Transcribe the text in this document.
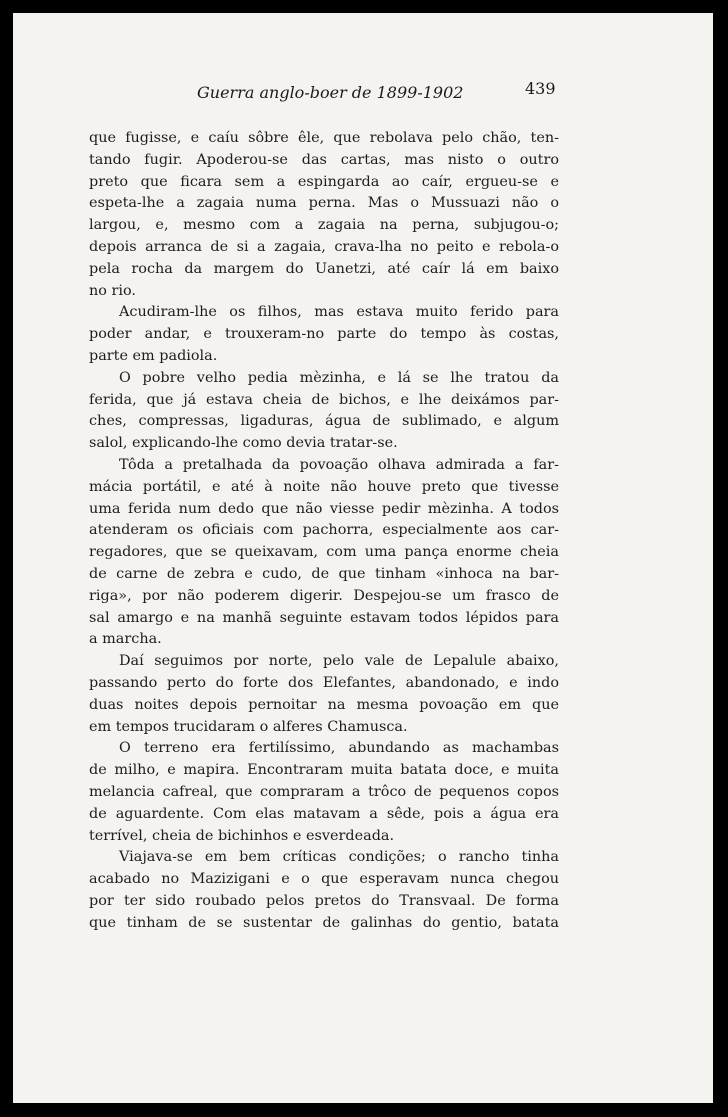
Guerra anglo-boer de 1899-1902	439
que fugisse, e caíu sôbre êle, que rebolava pelo chão, ten-
tando fugir. Apoderou-se das cartas, mas nisto o outro
preto que ficara sem a espingarda ao caír, ergueu-se e
espeta-lhe a zagaia numa perna. Mas o Mussuazi não o
largou, e, mesmo com a zagaia na perna, subjugou-o;
depois arranca de si a zagaia, crava-lha no peito e rebola-o
pela rocha da margem do Uanetzi, até caír lá em baixo
no rio.
Acudiram-lhe os filhos, mas estava muito ferido para
poder andar, e trouxeram-no parte do tempo às costas,
parte em padiola.
O pobre velho pedia mèzinha, e lá se lhe tratou da
ferida, que já estava cheia de bichos, e lhe deixámos par-
ches, compressas, ligaduras, água de sublimado, e algum
salol, explicando-lhe como devia tratar-se.
Tôda a pretalhada da povoação olhava admirada a far-
mácia portátil, e até à noite não houve preto que tivesse
uma ferida num dedo que não viesse pedir mèzinha. A todos
atenderam os oficiais com pachorra, especialmente aos car-
regadores, que se queixavam, com uma pança enorme cheia
de carne de zebra e cudo, de que tinham «inhoca na bar-
riga», por não poderem digerir. Despejou-se um frasco de
sal amargo e na manhã seguinte estavam todos lépidos para
a marcha.
Daí seguimos por norte, pelo vale de Lepalule abaixo,
passando perto do forte dos Elefantes, abandonado, e indo
duas noites depois pernoitar na mesma povoação em que
em tempos trucidaram o alferes Chamusca.
O terreno era fertilíssimo, abundando as machambas
de milho, e mapira. Encontraram muita batata doce, e muita
melancia cafreal, que compraram a trôco de pequenos copos
de aguardente. Com elas matavam a sêde, pois a água era
terrível, cheia de bichinhos e esverdeada.
Viajava-se em bem críticas condições; o rancho tinha
acabado no Mazizigani e o que esperavam nunca chegou
por ter sido roubado pelos pretos do Transvaal. De forma
que tinham de se sustentar de galinhas do gentio, batata
